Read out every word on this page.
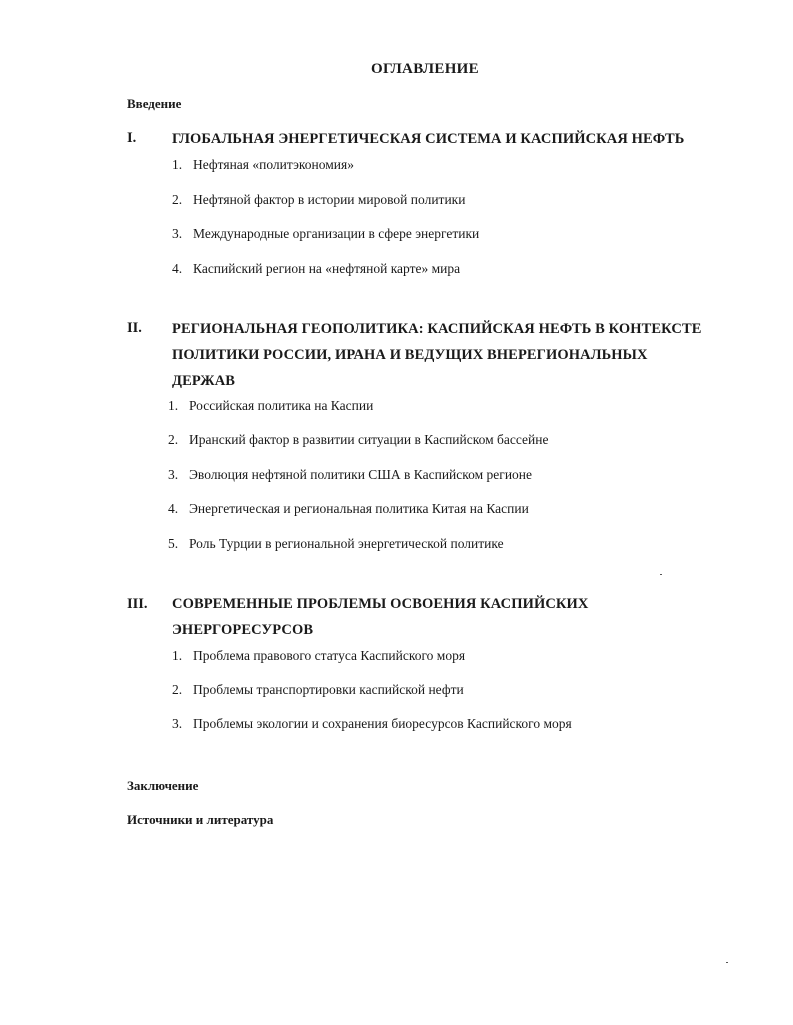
ОГЛАВЛЕНИЕ
Введение
I. ГЛОБАЛЬНАЯ ЭНЕРГЕТИЧЕСКАЯ СИСТЕМА И КАСПИЙСКАЯ НЕФТЬ
1. Нефтяная «политэкономия»
2. Нефтяной фактор в истории мировой политики
3. Международные организации в сфере энергетики
4. Каспийский регион на «нефтяной карте» мира
II. РЕГИОНАЛЬНАЯ ГЕОПОЛИТИКА: КАСПИЙСКАЯ НЕФТЬ В КОНТЕКСТЕ
ПОЛИТИКИ РОССИИ, ИРАНА И ВЕДУЩИХ ВНЕРЕГИОНАЛЬНЫХ
ДЕРЖАВ
1. Российская политика на Каспии
2. Иранский фактор в развитии ситуации в Каспийском бассейне
3. Эволюция нефтяной политики США в Каспийском регионе
4. Энергетическая и региональная политика Китая на Каспии
5. Роль Турции в региональной энергетической политике
III. СОВРЕМЕННЫЕ ПРОБЛЕМЫ ОСВОЕНИЯ КАСПИЙСКИХ
ЭНЕРГОРЕСУРСОВ
1. Проблема правового статуса Каспийского моря
2. Проблемы транспортировки каспийской нефти
3. Проблемы экологии и сохранения биоресурсов Каспийского моря
Заключение
Источники и литература
